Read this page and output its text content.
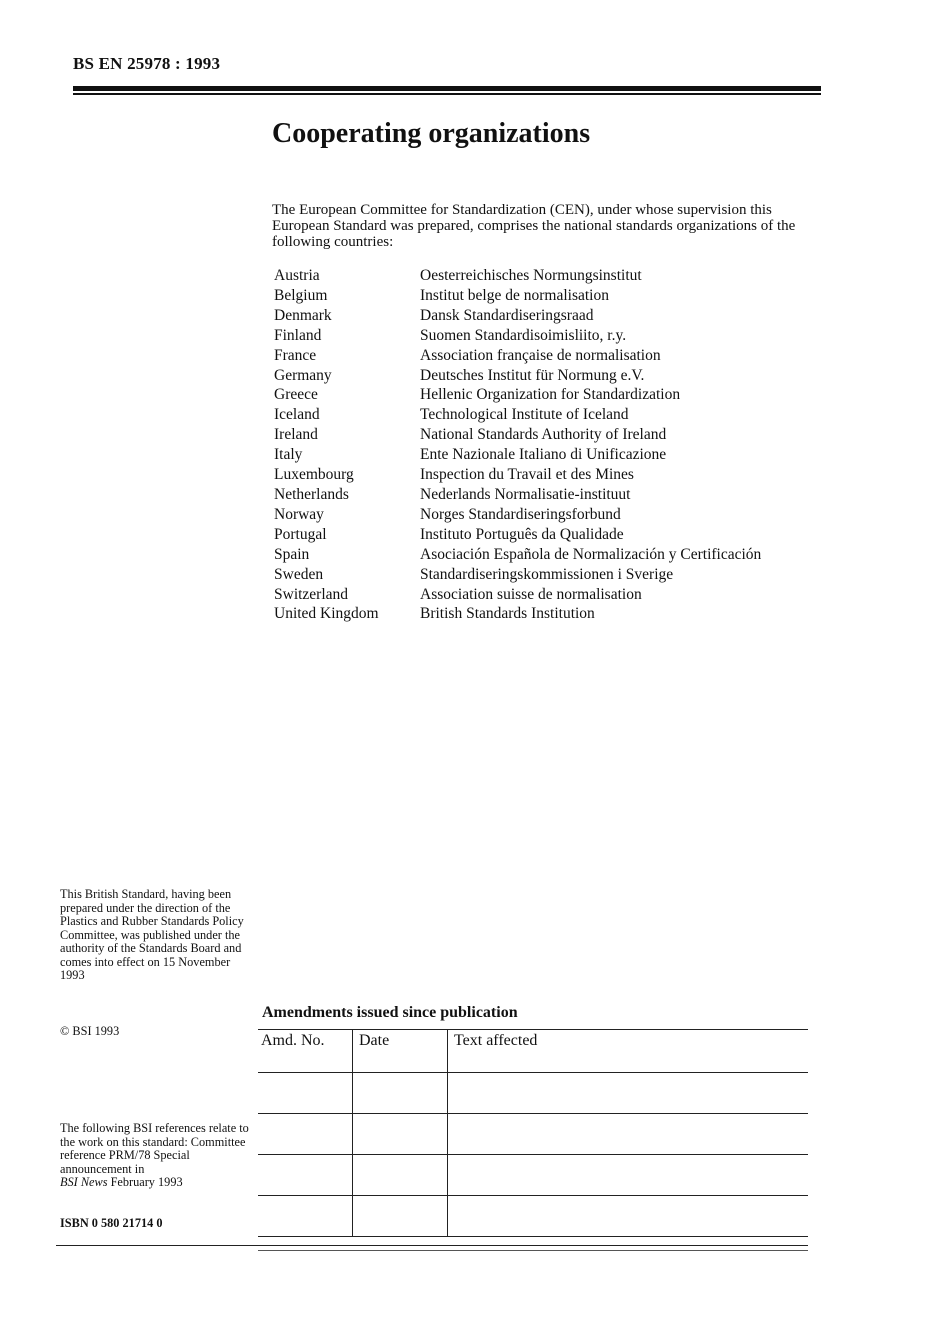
BS EN 25978 : 1993
Cooperating organizations

The European Committee for Standardization (CEN), under whose supervision this European Standard was prepared, comprises the national standards organizations of the following countries:

Austria	Oesterreichisches Normungsinstitut
Belgium	Institut belge de normalisation
Denmark	Dansk Standardiseringsraad
Finland	Suomen Standardisoimisliito, r.y.
France	Association française de normalisation
Germany	Deutsches Institut für Normung e.V.
Greece	Hellenic Organization for Standardization
Iceland	Technological Institute of Iceland
Ireland	National Standards Authority of Ireland
Italy	Ente Nazionale Italiano di Unificazione
Luxembourg	Inspection du Travail et des Mines
Netherlands	Nederlands Normalisatie-instituut
Norway	Norges Standardiseringsforbund
Portugal	Instituto Português da Qualidade
Spain	Asociación Española de Normalización y Certificación
Sweden	Standardiseringskommissionen i Sverige
Switzerland	Association suisse de normalisation
United Kingdom	British Standards Institution

This British Standard, having been prepared under the direction of the Plastics and Rubber Standards Policy Committee, was published under the authority of the Standards Board and comes into effect on 15 November 1993

© BSI 1993

The following BSI references relate to the work on this standard: Committee reference PRM/78 Special announcement in
BSI News February 1993

ISBN 0 580 21714 0

Amendments issued since publication

Amd. No.	Date	Text affected
